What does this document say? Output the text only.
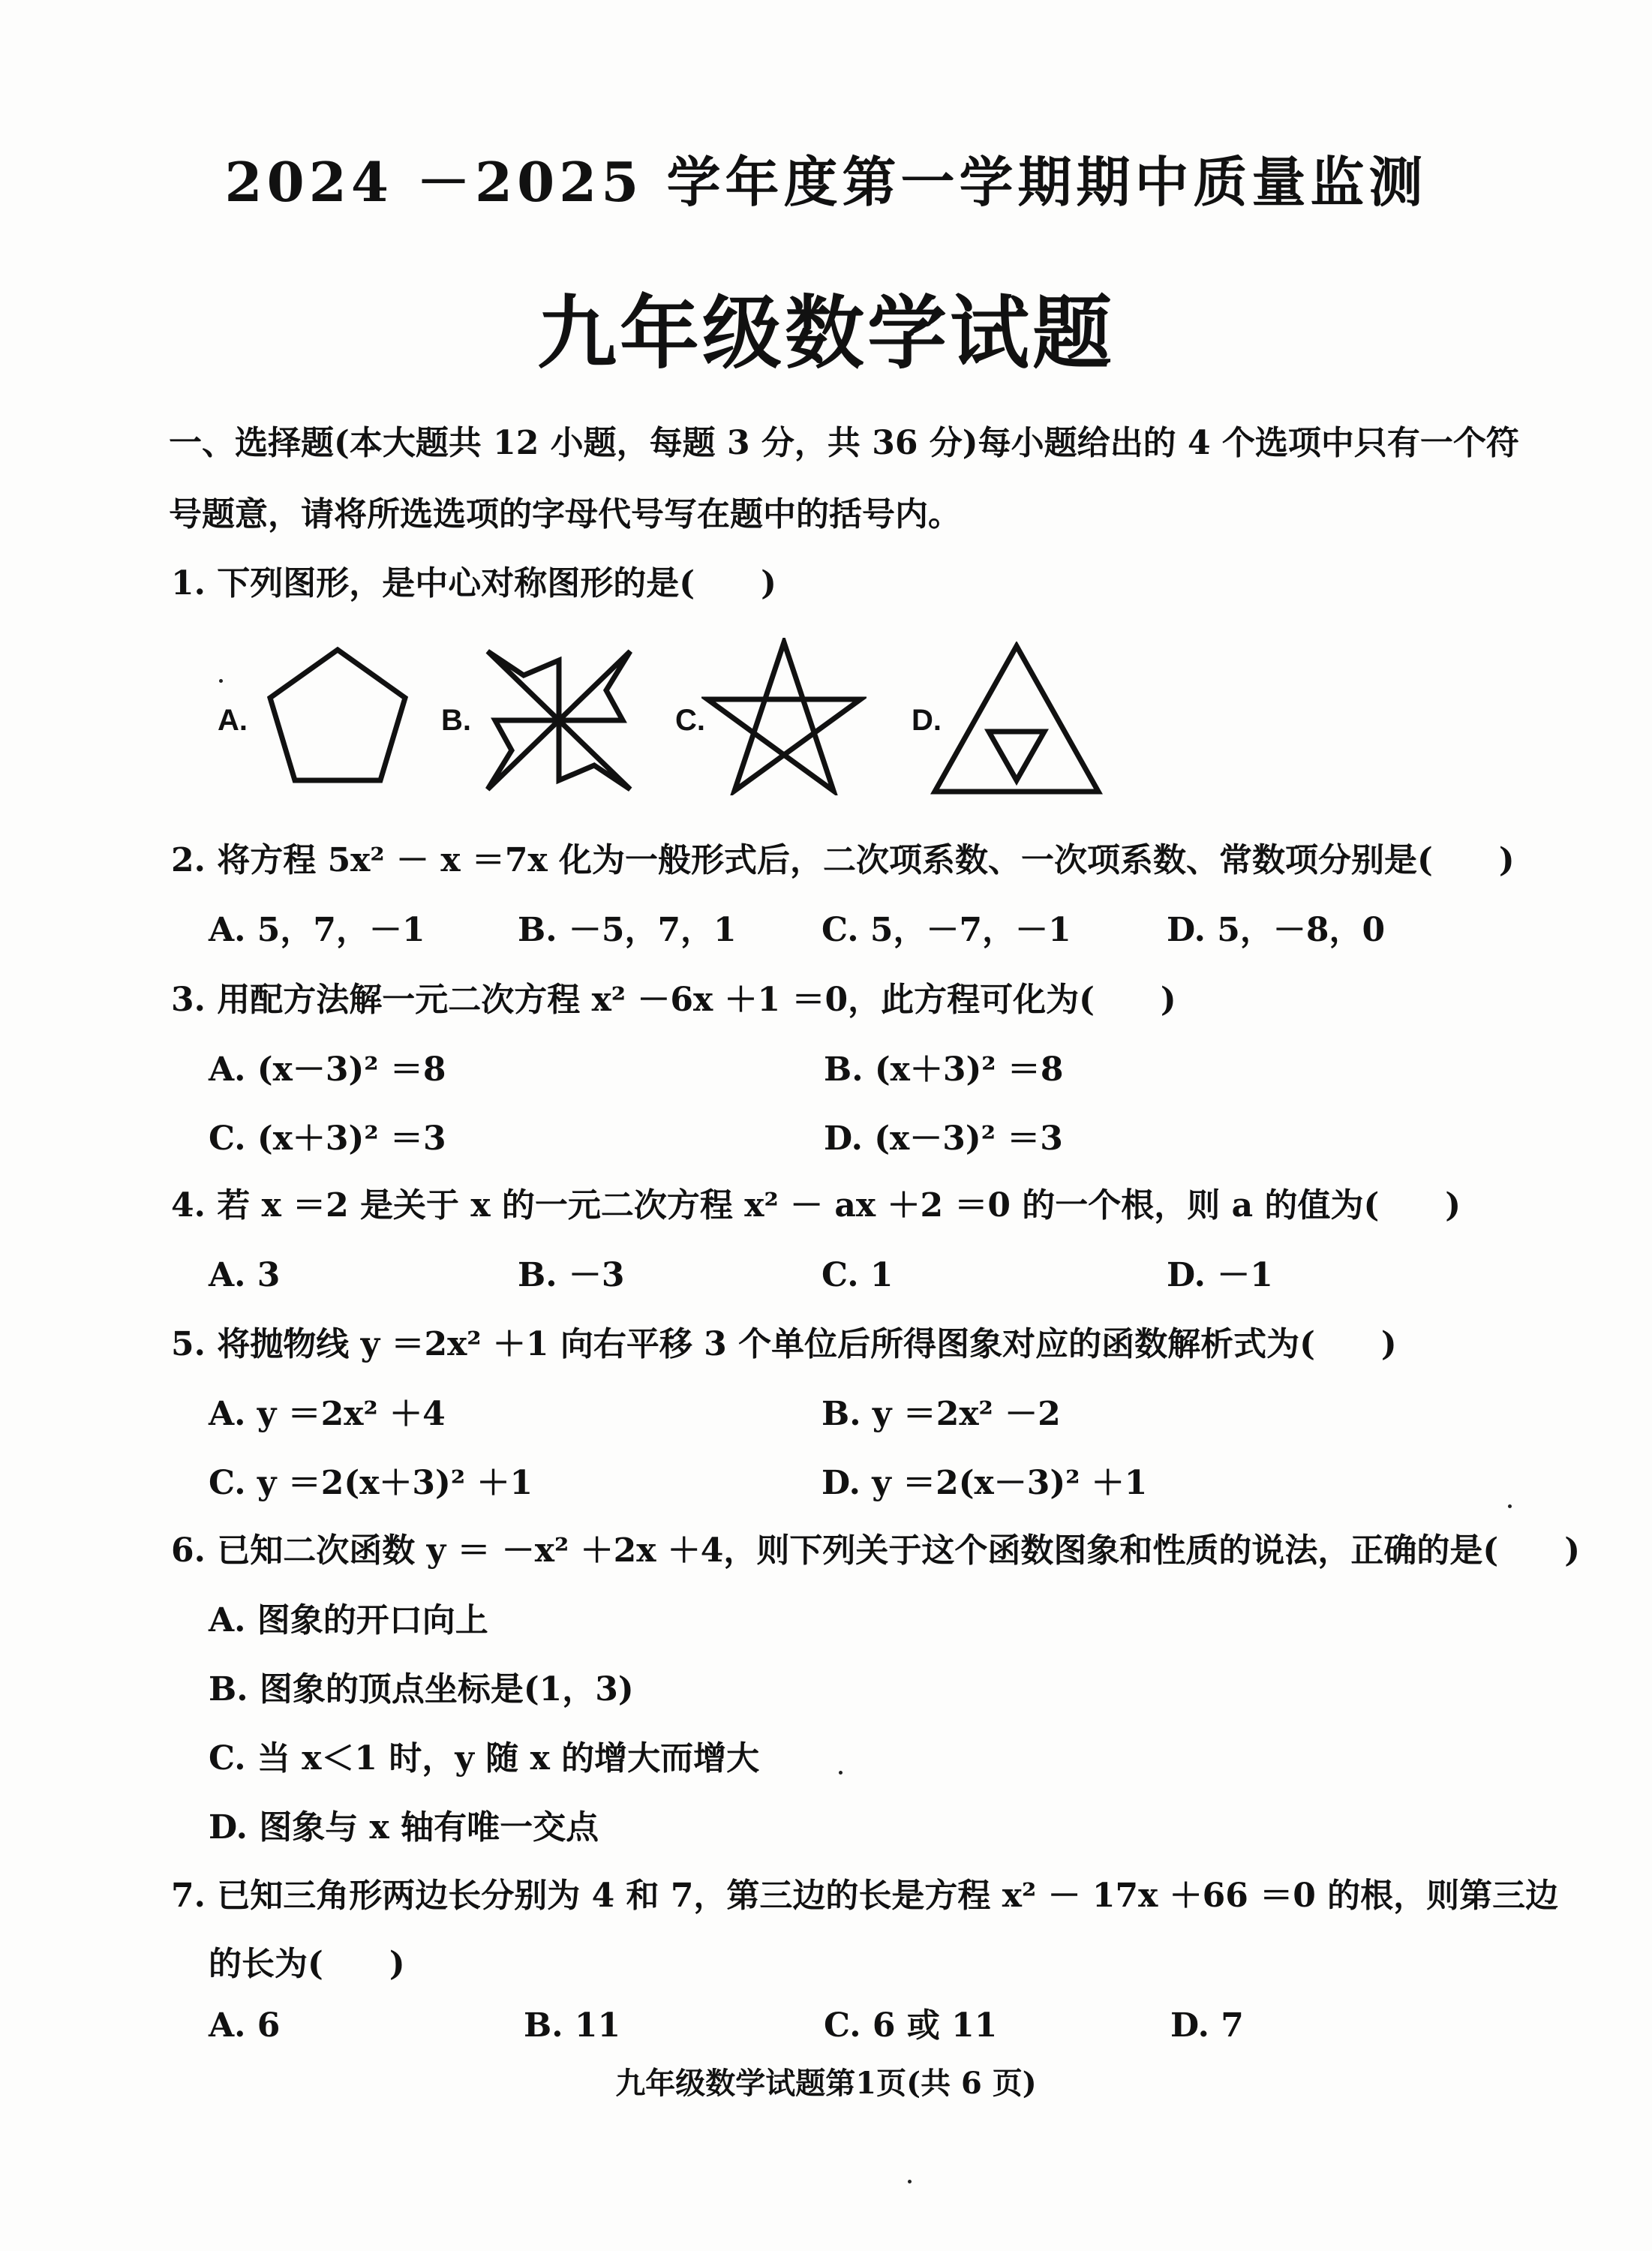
2024 －2025 学年度第一学期期中质量监测
九年级数学试题
一、选择题(本大题共 12 小题，每题 3 分，共 36 分)每小题给出的 4 个选项中只有一个符
号题意，请将所选选项的字母代号写在题中的括号内。
1. 下列图形，是中心对称图形的是(　　)
A.	B.	C.	D.
2. 将方程 5x² － x ＝7x 化为一般形式后，二次项系数、一次项系数、常数项分别是(　　)
A. 5，7，－1	B. －5，7，1	C. 5，－7，－1	D. 5，－8，0
3. 用配方法解一元二次方程 x² －6x ＋1 ＝0，此方程可化为(　　)
A. (x－3)² ＝8	B. (x＋3)² ＝8
C. (x＋3)² ＝3	D. (x－3)² ＝3
4. 若 x ＝2 是关于 x 的一元二次方程 x² － ax ＋2 ＝0 的一个根，则 a 的值为(　　)
A. 3	B. －3	C. 1	D. －1
5. 将抛物线 y ＝2x² ＋1 向右平移 3 个单位后所得图象对应的函数解析式为(　　)
A. y ＝2x² ＋4	B. y ＝2x² －2
C. y ＝2(x＋3)² ＋1	D. y ＝2(x－3)² ＋1
6. 已知二次函数 y ＝ －x² ＋2x ＋4，则下列关于这个函数图象和性质的说法，正确的是(　　)
A. 图象的开口向上
B. 图象的顶点坐标是(1，3)
C. 当 x＜1 时，y 随 x 的增大而增大
D. 图象与 x 轴有唯一交点
7. 已知三角形两边长分别为 4 和 7，第三边的长是方程 x² － 17x ＋66 ＝0 的根，则第三边
的长为(　　)
A. 6	B. 11	C. 6 或 11	D. 7
九年级数学试题第1页(共 6 页)
